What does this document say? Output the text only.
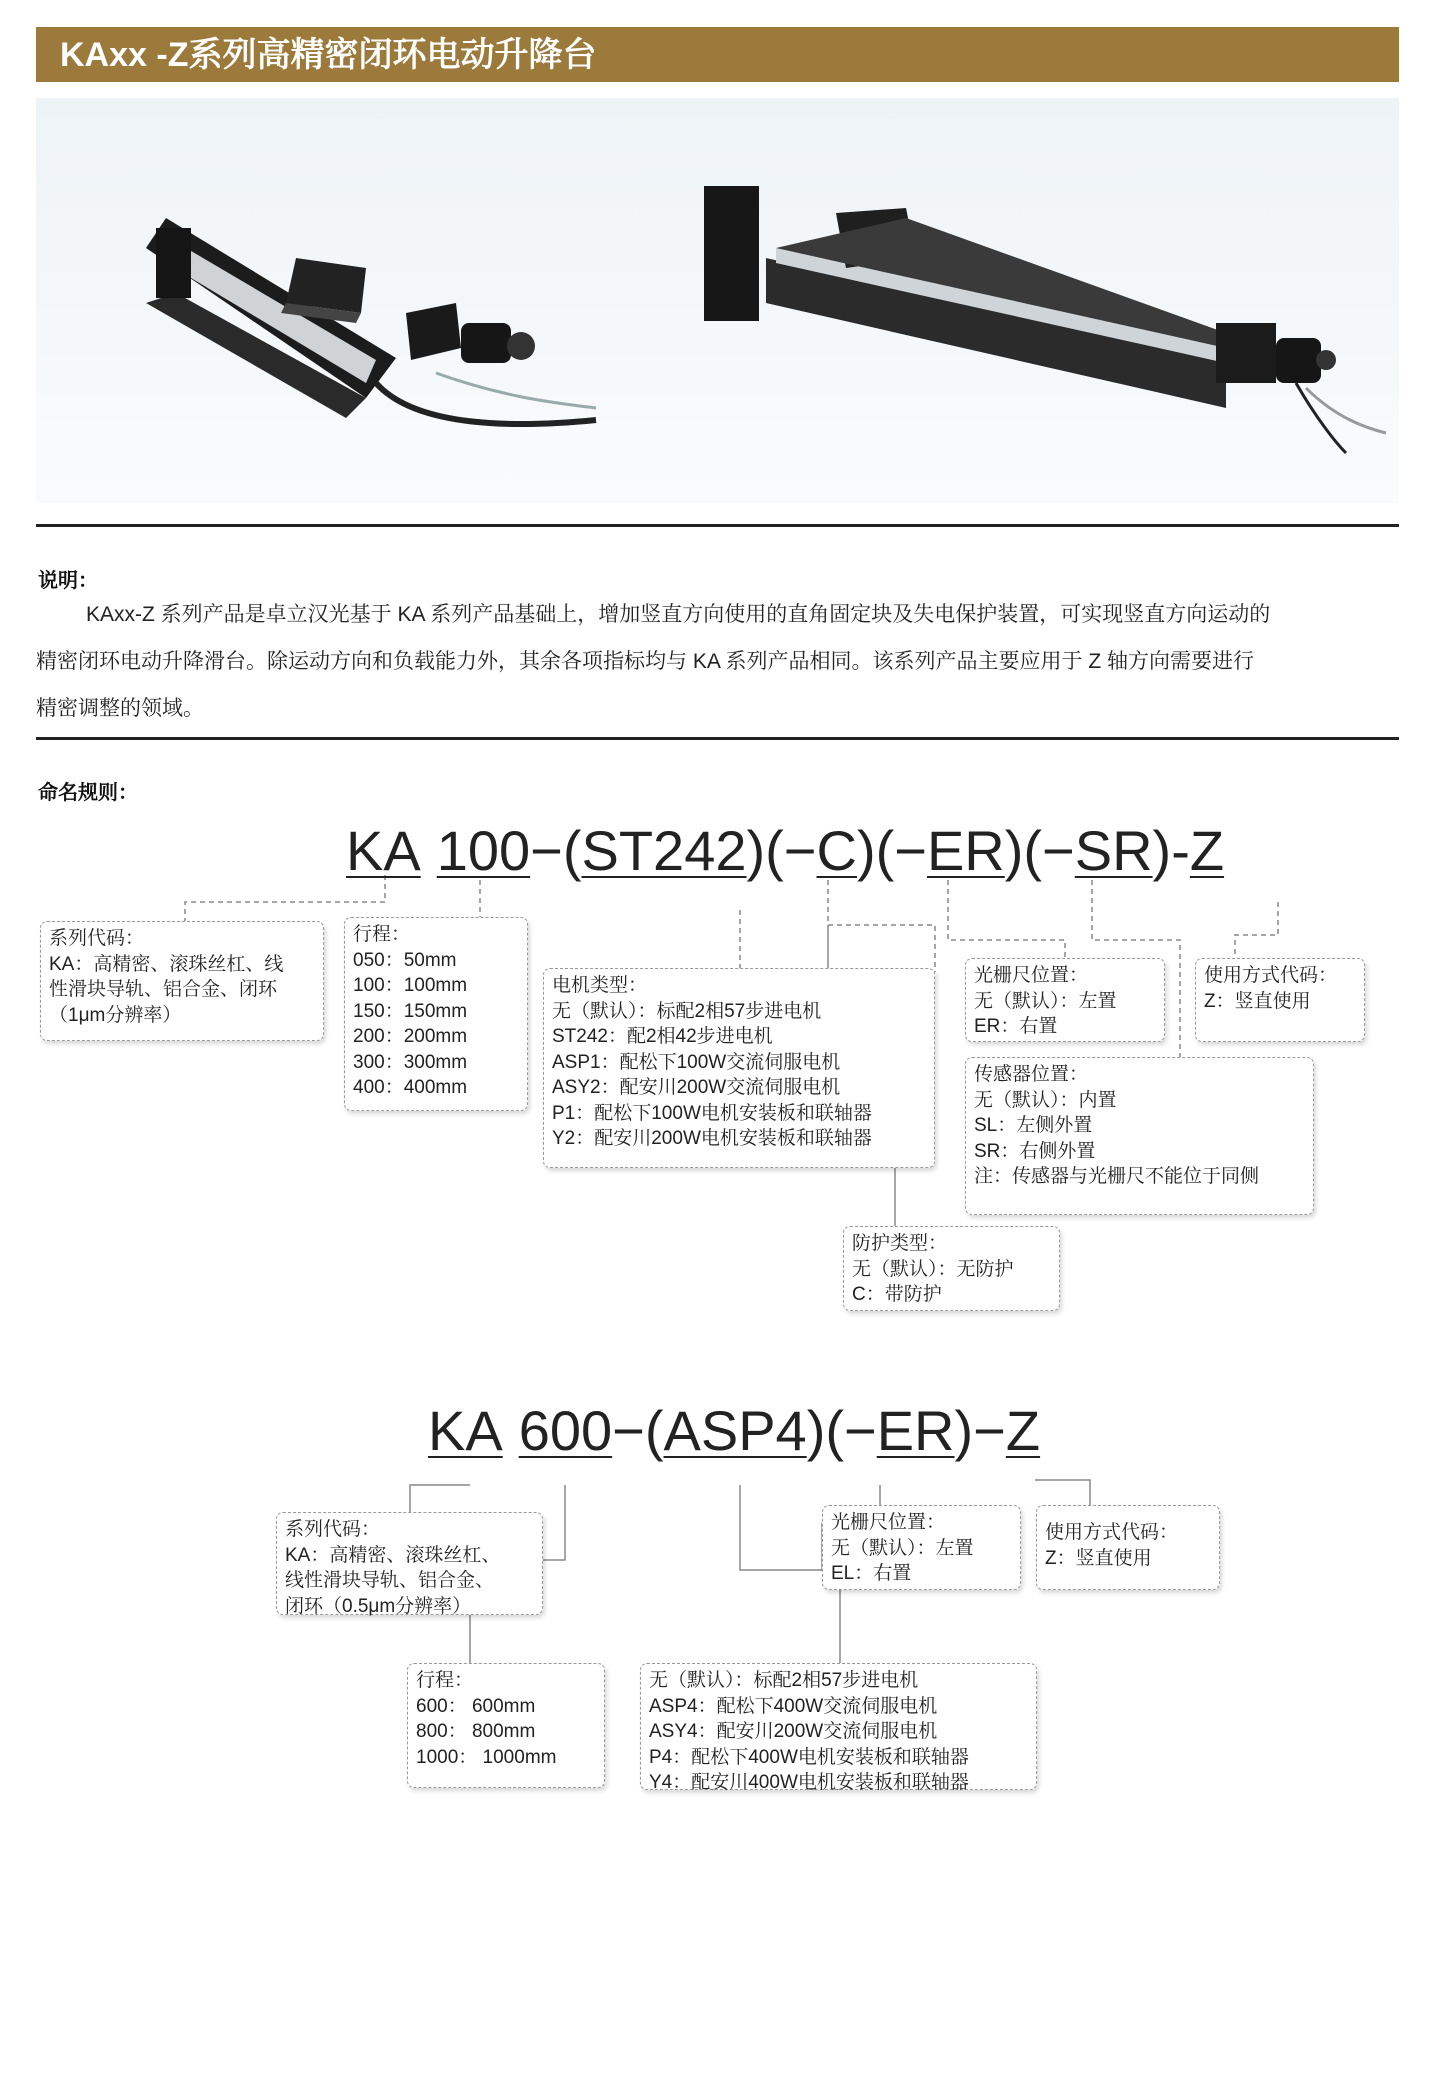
KAxx -Z系列高精密闭环电动升降台
说明：

KAxx-Z 系列产品是卓立汉光基于 KA 系列产品基础上，增加竖直方向使用的直角固定块及失电保护装置，可实现竖直方向运动的

精密闭环电动升降滑台。除运动方向和负载能力外，其余各项指标均与 KA 系列产品相同。该系列产品主要应用于 Z 轴方向需要进行

精密调整的领域。

命名规则：
KA 100−(ST242)(−C)(−ER)(−SR)-Z
系列代码：
KA：高精密、滚珠丝杠、线
性滑块导轨、铝合金、闭环
（1μm分辨率）
行程：
050：50mm
100：100mm
150：150mm
200：200mm
300：300mm
400：400mm
电机类型：
无（默认）：标配2相57步进电机
ST242：配2相42步进电机
ASP1：配松下100W交流伺服电机
ASY2：配安川200W交流伺服电机
P1：配松下100W电机安装板和联轴器
Y2：配安川200W电机安装板和联轴器
光栅尺位置：
无（默认）：左置
ER：右置
使用方式代码：
Z：竖直使用
传感器位置：
无（默认）：内置
SL：左侧外置
SR：右侧外置
注：传感器与光栅尺不能位于同侧
防护类型：
无（默认）：无防护
C：带防护
KA 600−(ASP4)(−ER)−Z
系列代码：
KA：高精密、滚珠丝杠、
线性滑块导轨、铝合金、
闭环（0.5μm分辨率）
光栅尺位置：
无（默认）：左置
EL：右置
使用方式代码：
Z：竖直使用
行程：
600： 600mm
800： 800mm
1000： 1000mm
无（默认）：标配2相57步进电机
ASP4：配松下400W交流伺服电机
ASY4：配安川200W交流伺服电机
P4：配松下400W电机安装板和联轴器
Y4：配安川400W电机安装板和联轴器
